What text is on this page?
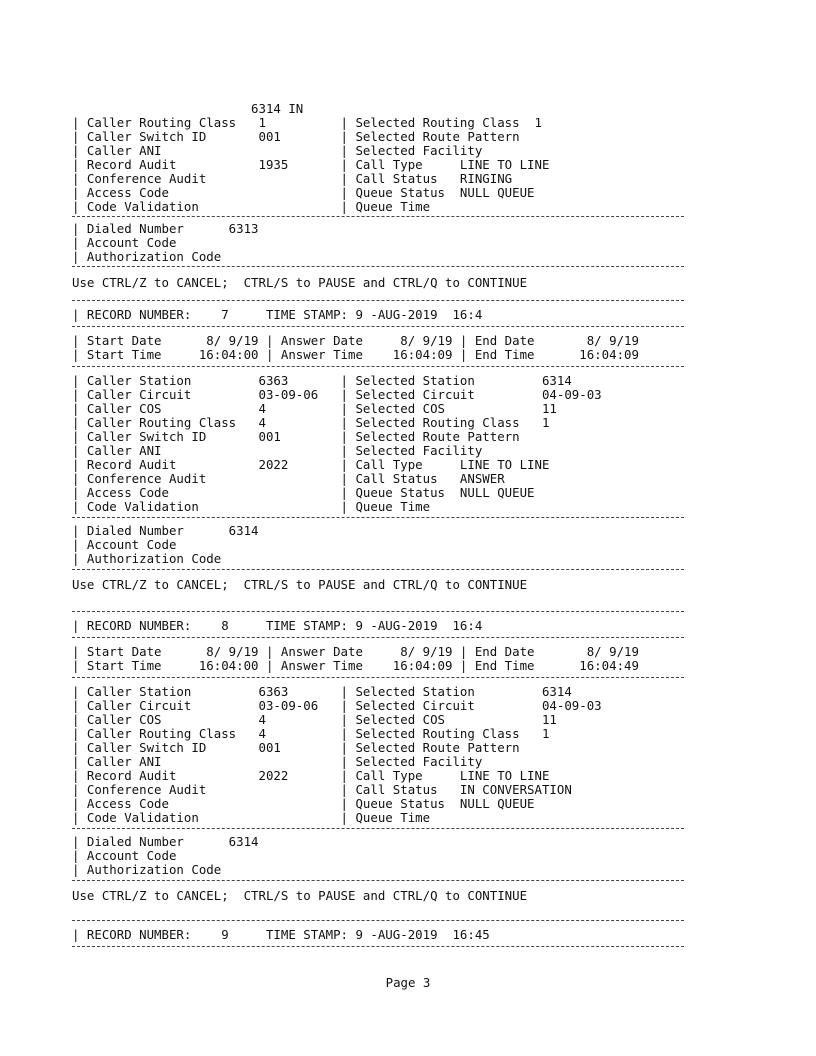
6314 IN
| Caller Routing Class   1          | Selected Routing Class  1
| Caller Switch ID       001        | Selected Route Pattern
| Caller ANI                        | Selected Facility
| Record Audit           1935       | Call Type     LINE TO LINE
| Conference Audit                  | Call Status   RINGING
| Access Code                       | Queue Status  NULL QUEUE
| Code Validation                   | Queue Time
| Dialed Number      6313
| Account Code
| Authorization Code
Use CTRL/Z to CANCEL;  CTRL/S to PAUSE and CTRL/Q to CONTINUE
| RECORD NUMBER:    7     TIME STAMP: 9 -AUG-2019  16:4
| Start Date      8/ 9/19 | Answer Date     8/ 9/19 | End Date       8/ 9/19
| Start Time     16:04:00 | Answer Time    16:04:09 | End Time      16:04:09
| Caller Station         6363       | Selected Station         6314
| Caller Circuit         03-09-06   | Selected Circuit         04-09-03
| Caller COS             4          | Selected COS             11
| Caller Routing Class   4          | Selected Routing Class   1
| Caller Switch ID       001        | Selected Route Pattern
| Caller ANI                        | Selected Facility
| Record Audit           2022       | Call Type     LINE TO LINE
| Conference Audit                  | Call Status   ANSWER
| Access Code                       | Queue Status  NULL QUEUE
| Code Validation                   | Queue Time
| Dialed Number      6314
| Account Code
| Authorization Code
Use CTRL/Z to CANCEL;  CTRL/S to PAUSE and CTRL/Q to CONTINUE
| RECORD NUMBER:    8     TIME STAMP: 9 -AUG-2019  16:4
| Start Date      8/ 9/19 | Answer Date     8/ 9/19 | End Date       8/ 9/19
| Start Time     16:04:00 | Answer Time    16:04:09 | End Time      16:04:49
| Caller Station         6363       | Selected Station         6314
| Caller Circuit         03-09-06   | Selected Circuit         04-09-03
| Caller COS             4          | Selected COS             11
| Caller Routing Class   4          | Selected Routing Class   1
| Caller Switch ID       001        | Selected Route Pattern
| Caller ANI                        | Selected Facility
| Record Audit           2022       | Call Type     LINE TO LINE
| Conference Audit                  | Call Status   IN CONVERSATION
| Access Code                       | Queue Status  NULL QUEUE
| Code Validation                   | Queue Time
| Dialed Number      6314
| Account Code
| Authorization Code
Use CTRL/Z to CANCEL;  CTRL/S to PAUSE and CTRL/Q to CONTINUE
| RECORD NUMBER:    9     TIME STAMP: 9 -AUG-2019  16:45
Page 3
